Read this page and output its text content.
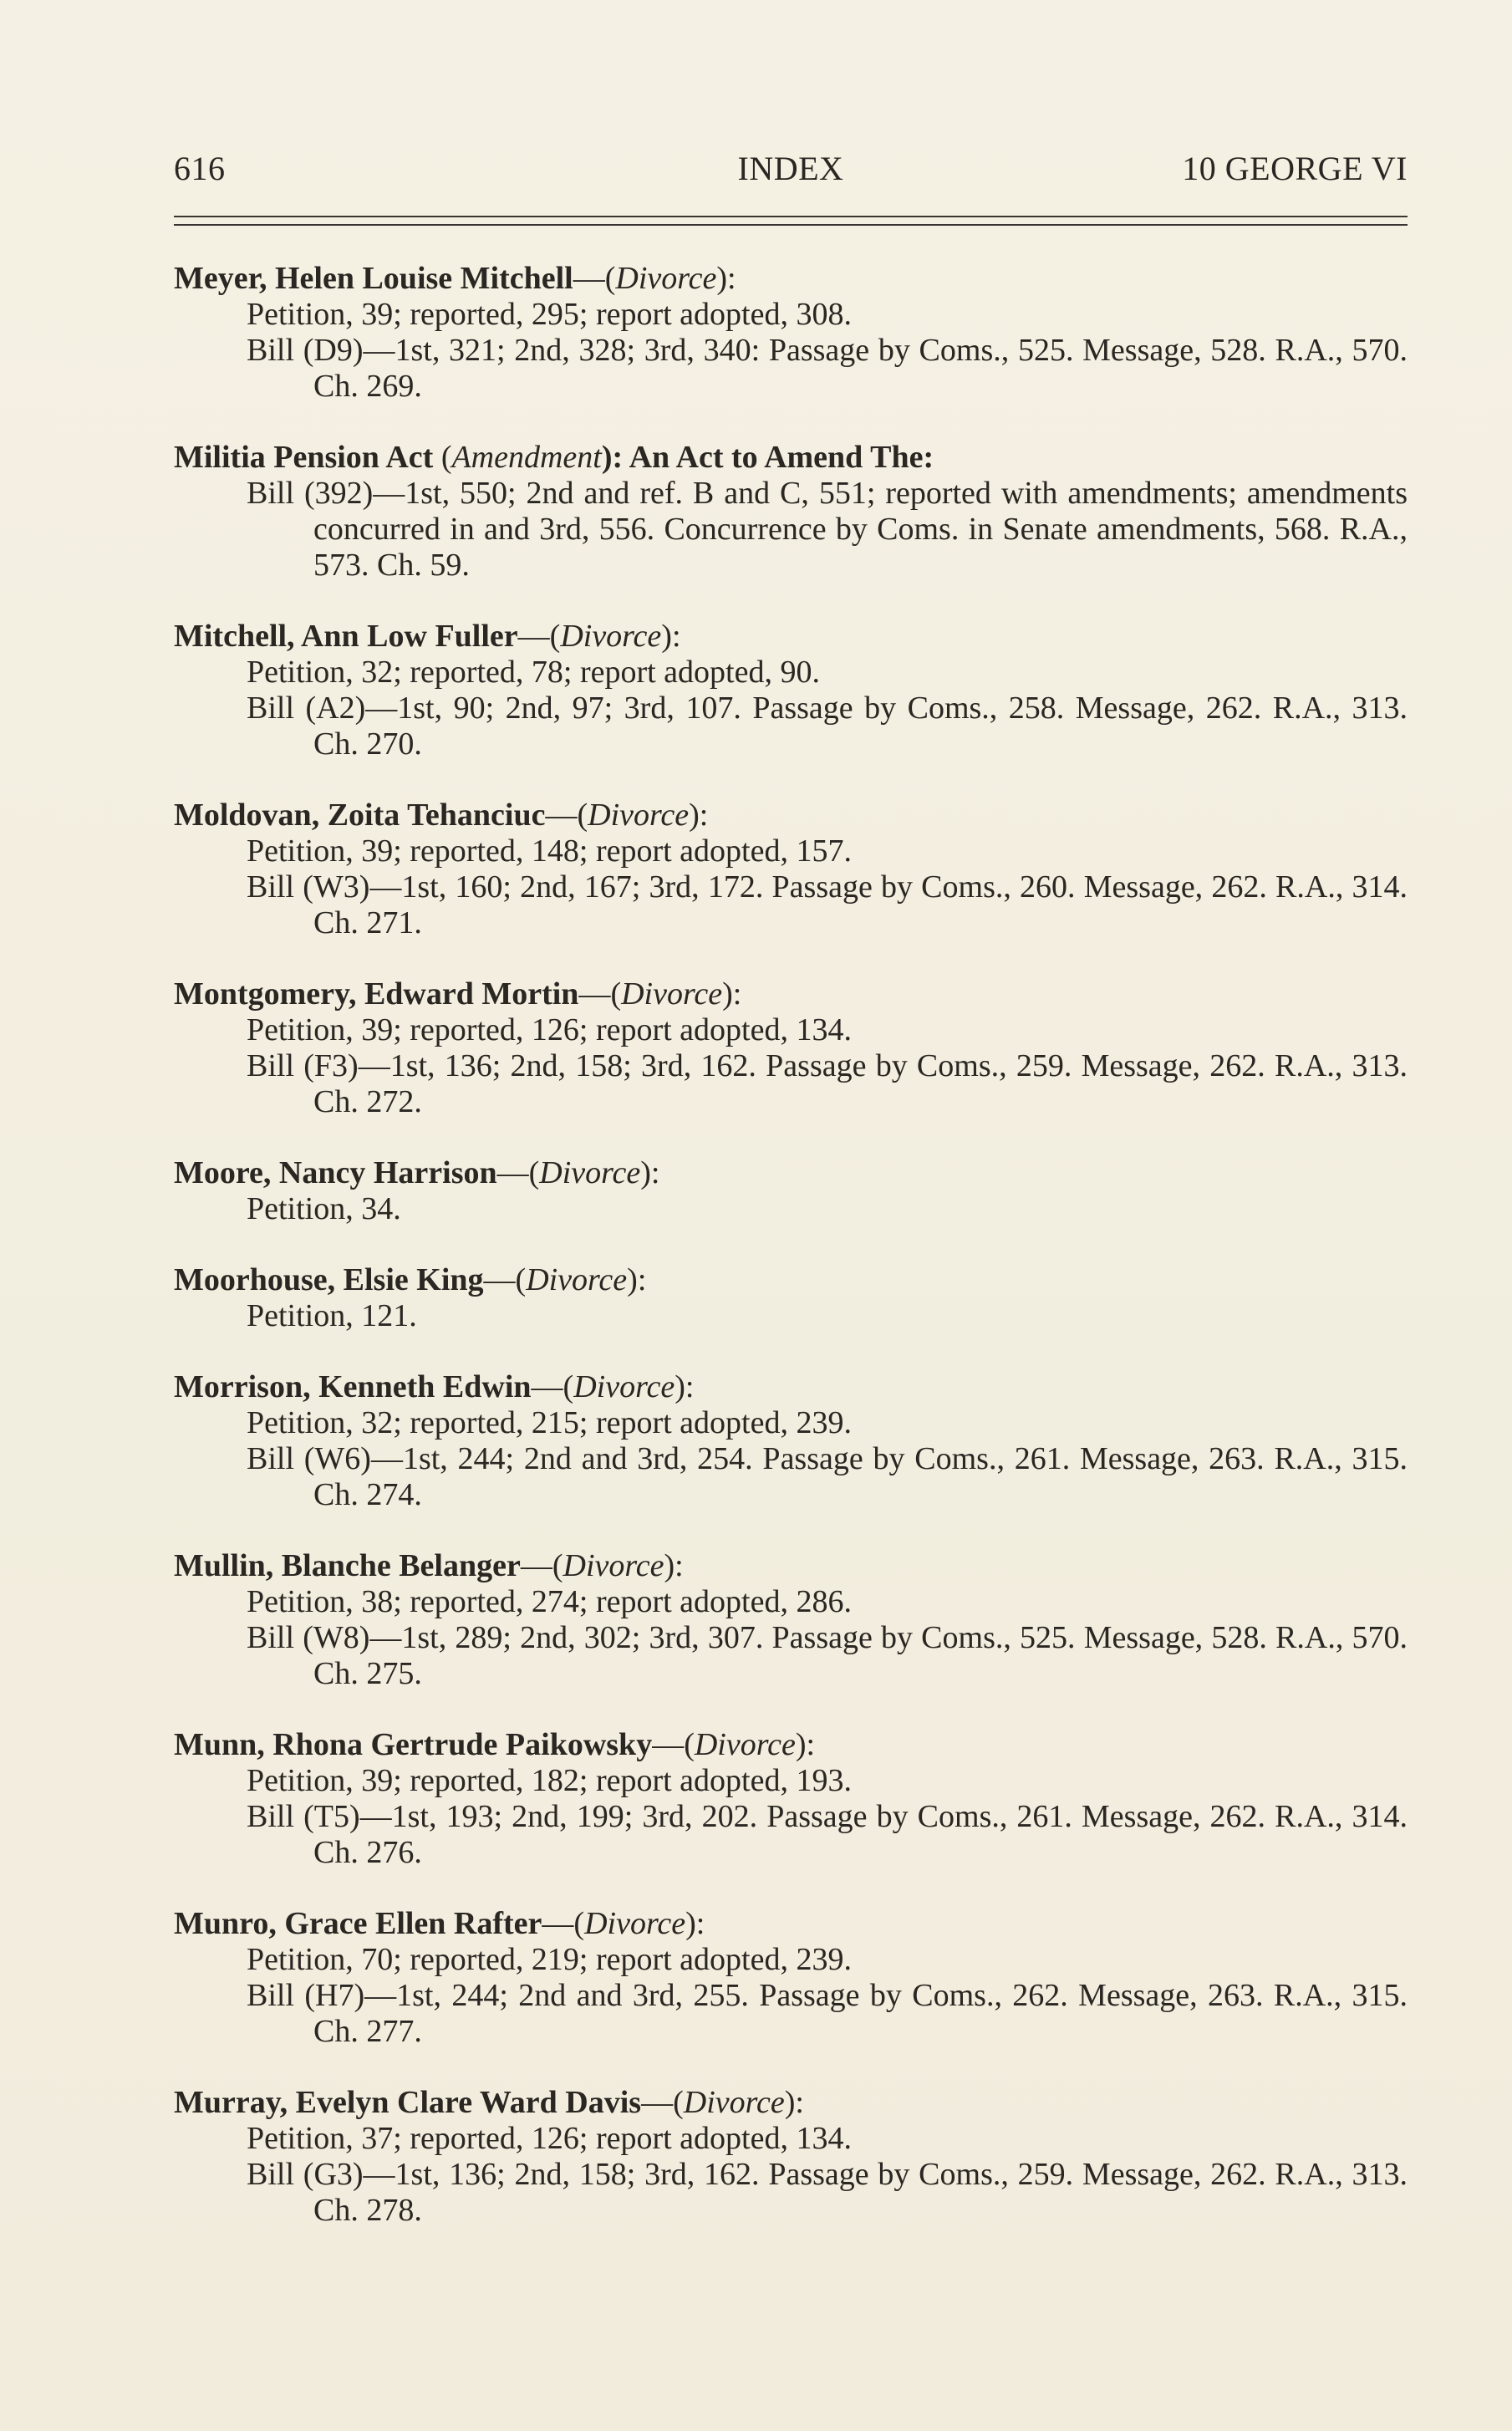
616	INDEX	10 GEORGE VI
Meyer, Helen Louise Mitchell—(Divorce):
Petition, 39; reported, 295; report adopted, 308.
Bill (D9)—1st, 321; 2nd, 328; 3rd, 340: Passage by Coms., 525. Message, 528. R.A., 570. Ch. 269.
Militia Pension Act (Amendment): An Act to Amend The:
Bill (392)—1st, 550; 2nd and ref. B and C, 551; reported with amendments; amendments concurred in and 3rd, 556. Concurrence by Coms. in Senate amendments, 568. R.A., 573. Ch. 59.
Mitchell, Ann Low Fuller—(Divorce):
Petition, 32; reported, 78; report adopted, 90.
Bill (A2)—1st, 90; 2nd, 97; 3rd, 107. Passage by Coms., 258. Message, 262. R.A., 313. Ch. 270.
Moldovan, Zoita Tehanciuc—(Divorce):
Petition, 39; reported, 148; report adopted, 157.
Bill (W3)—1st, 160; 2nd, 167; 3rd, 172. Passage by Coms., 260. Message, 262. R.A., 314. Ch. 271.
Montgomery, Edward Mortin—(Divorce):
Petition, 39; reported, 126; report adopted, 134.
Bill (F3)—1st, 136; 2nd, 158; 3rd, 162. Passage by Coms., 259. Message, 262. R.A., 313. Ch. 272.
Moore, Nancy Harrison—(Divorce):
Petition, 34.
Moorhouse, Elsie King—(Divorce):
Petition, 121.
Morrison, Kenneth Edwin—(Divorce):
Petition, 32; reported, 215; report adopted, 239.
Bill (W6)—1st, 244; 2nd and 3rd, 254. Passage by Coms., 261. Message, 263. R.A., 315. Ch. 274.
Mullin, Blanche Belanger—(Divorce):
Petition, 38; reported, 274; report adopted, 286.
Bill (W8)—1st, 289; 2nd, 302; 3rd, 307. Passage by Coms., 525. Message, 528. R.A., 570. Ch. 275.
Munn, Rhona Gertrude Paikowsky—(Divorce):
Petition, 39; reported, 182; report adopted, 193.
Bill (T5)—1st, 193; 2nd, 199; 3rd, 202. Passage by Coms., 261. Message, 262. R.A., 314. Ch. 276.
Munro, Grace Ellen Rafter—(Divorce):
Petition, 70; reported, 219; report adopted, 239.
Bill (H7)—1st, 244; 2nd and 3rd, 255. Passage by Coms., 262. Message, 263. R.A., 315. Ch. 277.
Murray, Evelyn Clare Ward Davis—(Divorce):
Petition, 37; reported, 126; report adopted, 134.
Bill (G3)—1st, 136; 2nd, 158; 3rd, 162. Passage by Coms., 259. Message, 262. R.A., 313. Ch. 278.
